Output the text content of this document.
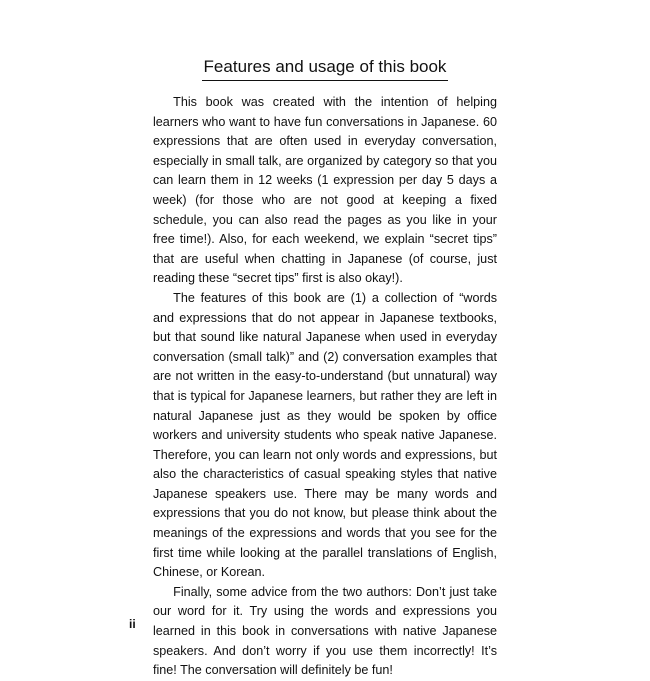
Features and usage of this book

This book was created with the intention of helping learners who want to have fun conversations in Japanese. 60 expressions that are often used in everyday conversation, especially in small talk, are organized by category so that you can learn them in 12 weeks (1 expression per day 5 days a week) (for those who are not good at keeping a fixed schedule, you can also read the pages as you like in your free time!). Also, for each weekend, we explain “secret tips” that are useful when chatting in Japanese (of course, just reading these “secret tips” first is also okay!).

The features of this book are (1) a collection of “words and expressions that do not appear in Japanese textbooks, but that sound like natural Japanese when used in everyday conversation (small talk)” and (2) conversation examples that are not written in the easy-to-understand (but unnatural) way that is typical for Japanese learners, but rather they are left in natural Japanese just as they would be spoken by office workers and university students who speak native Japanese. Therefore, you can learn not only words and expressions, but also the characteristics of casual speaking styles that native Japanese speakers use. There may be many words and expressions that you do not know, but please think about the meanings of the expressions and words that you see for the first time while looking at the parallel translations of English, Chinese, or Korean.

Finally, some advice from the two authors: Don’t just take our word for it. Try using the words and expressions you learned in this book in conversations with native Japanese speakers. And don’t worry if you use them incorrectly! It’s fine! The conversation will definitely be fun!

ii
